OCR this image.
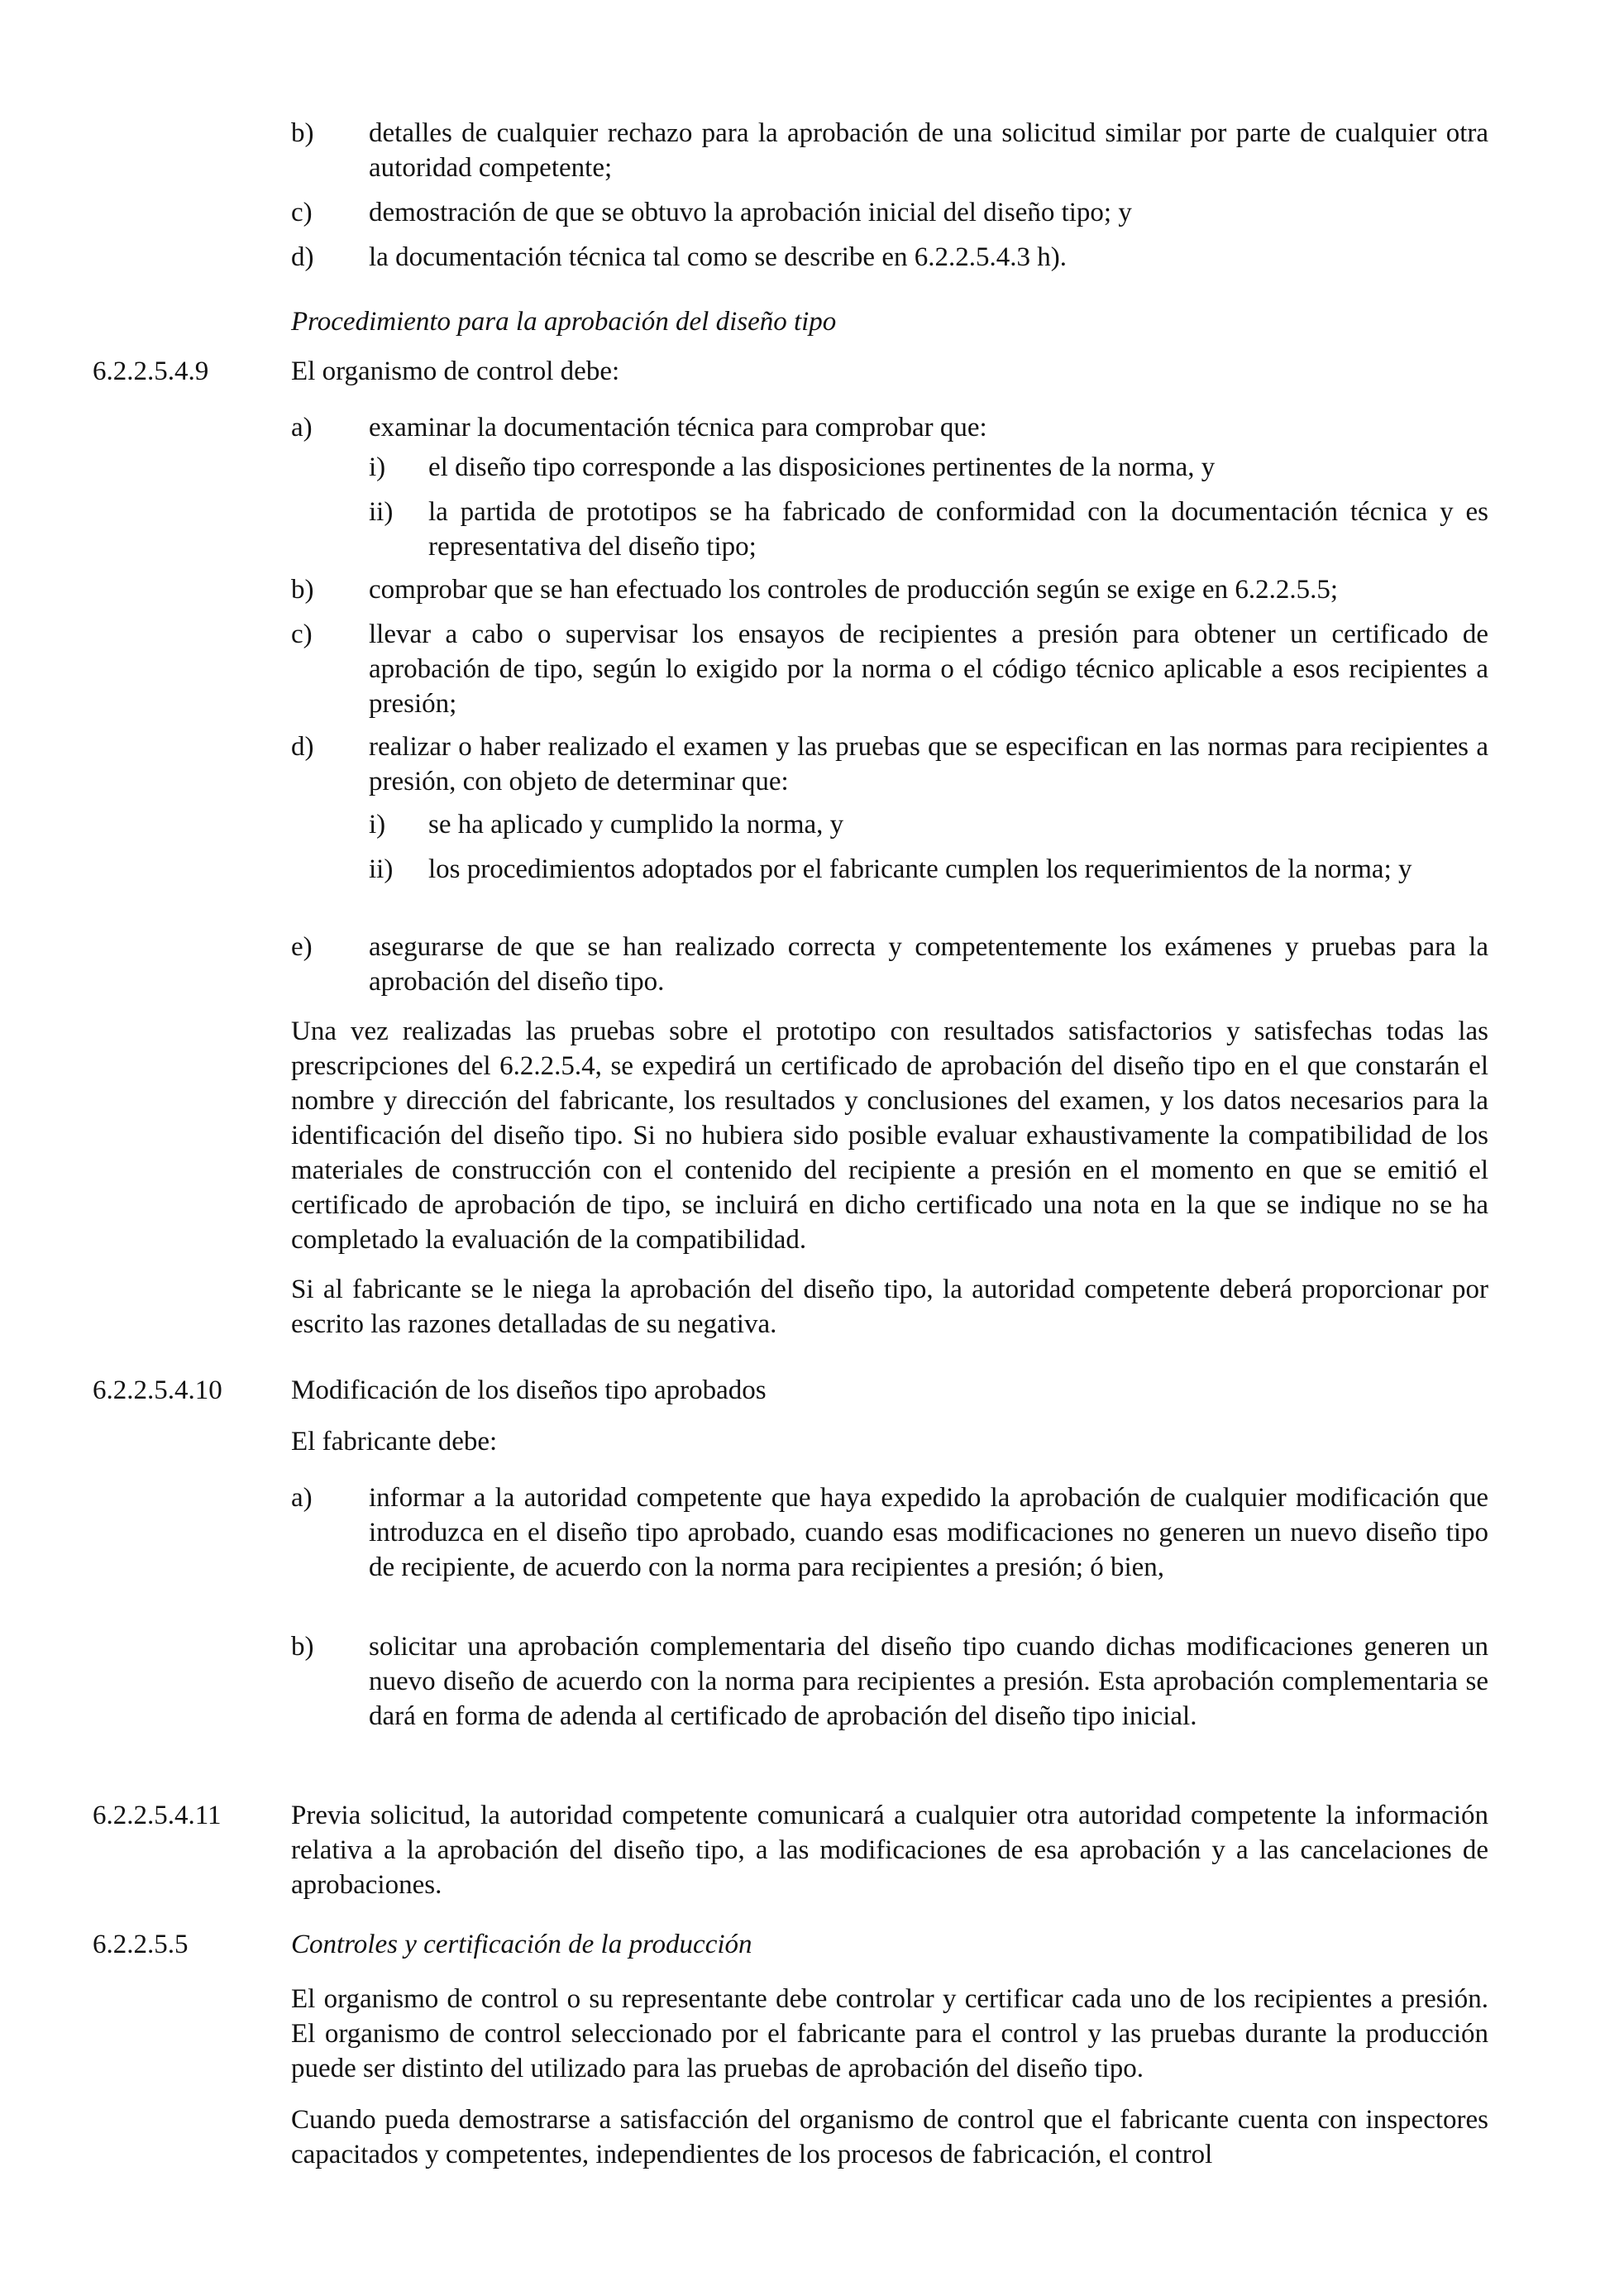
b) detalles de cualquier rechazo para la aprobación de una solicitud similar por parte de cualquier otra autoridad competente;
c) demostración de que se obtuvo la aprobación inicial del diseño tipo; y
d) la documentación técnica tal como se describe en 6.2.2.5.4.3 h).
Procedimiento para la aprobación del diseño tipo
6.2.2.5.4.9	El organismo de control debe:
a) examinar la documentación técnica para comprobar que:
i) el diseño tipo corresponde a las disposiciones pertinentes de la norma, y
ii) la partida de prototipos se ha fabricado de conformidad con la documentación técnica y es representativa del diseño tipo;
b) comprobar que se han efectuado los controles de producción según se exige en 6.2.2.5.5;
c) llevar a cabo o supervisar los ensayos de recipientes a presión para obtener un certificado de aprobación de tipo, según lo exigido por la norma o el código técnico aplicable a esos recipientes a presión;
d) realizar o haber realizado el examen y las pruebas que se especifican en las normas para recipientes a presión, con objeto de determinar que:
i) se ha aplicado y cumplido la norma, y
ii) los procedimientos adoptados por el fabricante cumplen los requerimientos de la norma; y
e) asegurarse de que se han realizado correcta y competentemente los exámenes y pruebas para la aprobación del diseño tipo.

Una vez realizadas las pruebas sobre el prototipo con resultados satisfactorios y satisfechas todas las prescripciones del 6.2.2.5.4, se expedirá un certificado de aprobación del diseño tipo en el que constarán el nombre y dirección del fabricante, los resultados y conclusiones del examen, y los datos necesarios para la identificación del diseño tipo. Si no hubiera sido posible evaluar exhaustivamente la compatibilidad de los materiales de construcción con el contenido del recipiente a presión en el momento en que se emitió el certificado de aprobación de tipo, se incluirá en dicho certificado una nota en la que se indique no se ha completado la evaluación de la compatibilidad.

Si al fabricante se le niega la aprobación del diseño tipo, la autoridad competente deberá proporcionar por escrito las razones detalladas de su negativa.

6.2.2.5.4.10	Modificación de los diseños tipo aprobados
El fabricante debe:
a) informar a la autoridad competente que haya expedido la aprobación de cualquier modificación que introduzca en el diseño tipo aprobado, cuando esas modificaciones no generen un nuevo diseño tipo de recipiente, de acuerdo con la norma para recipientes a presión; ó bien,
b) solicitar una aprobación complementaria del diseño tipo cuando dichas modificaciones generen un nuevo diseño de acuerdo con la norma para recipientes a presión. Esta aprobación complementaria se dará en forma de adenda al certificado de aprobación del diseño tipo inicial.
6.2.2.5.4.11	Previa solicitud, la autoridad competente comunicará a cualquier otra autoridad competente la información relativa a la aprobación del diseño tipo, a las modificaciones de esa aprobación y a las cancelaciones de aprobaciones.

6.2.2.5.5	Controles y certificación de la producción

El organismo de control o su representante debe controlar y certificar cada uno de los recipientes a presión. El organismo de control seleccionado por el fabricante para el control y las pruebas durante la producción puede ser distinto del utilizado para las pruebas de aprobación del diseño tipo.

Cuando pueda demostrarse a satisfacción del organismo de control que el fabricante cuenta con inspectores capacitados y competentes, independientes de los procesos de fabricación, el control
